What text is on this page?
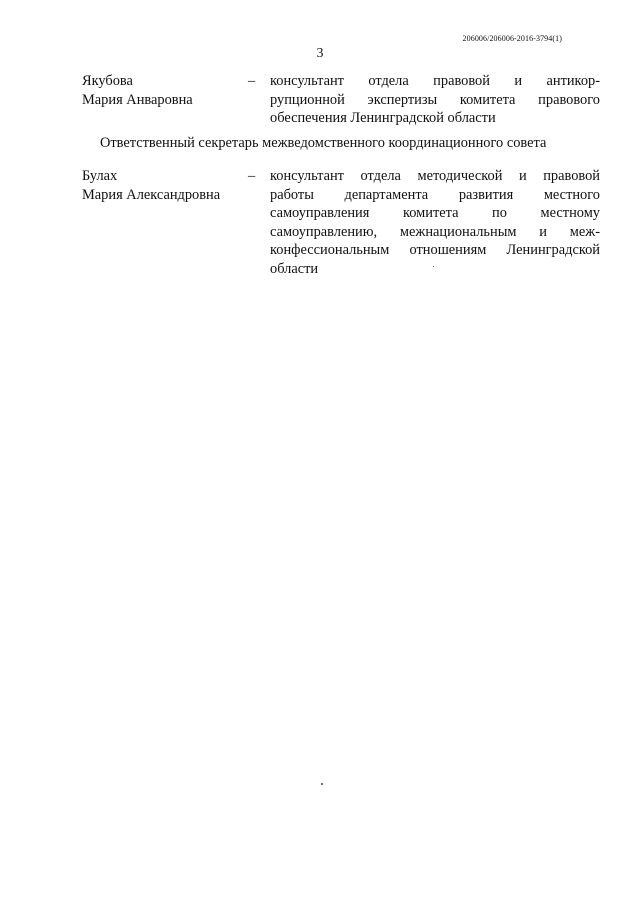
206006/206006-2016-3794(1)
3
Якубова
Мария Анваровна
– консультант отдела правовой и антикор-
рупционной экспертизы комитета правового
обеспечения Ленинградской области
Ответственный секретарь межведомственного координационного совета
Булах
Мария Александровна
– консультант отдела методической и правовой
работы департамента развития местного
самоуправления комитета по местному
самоуправлению, межнациональным и меж-
конфессиональным отношениям Ленинградской
области
